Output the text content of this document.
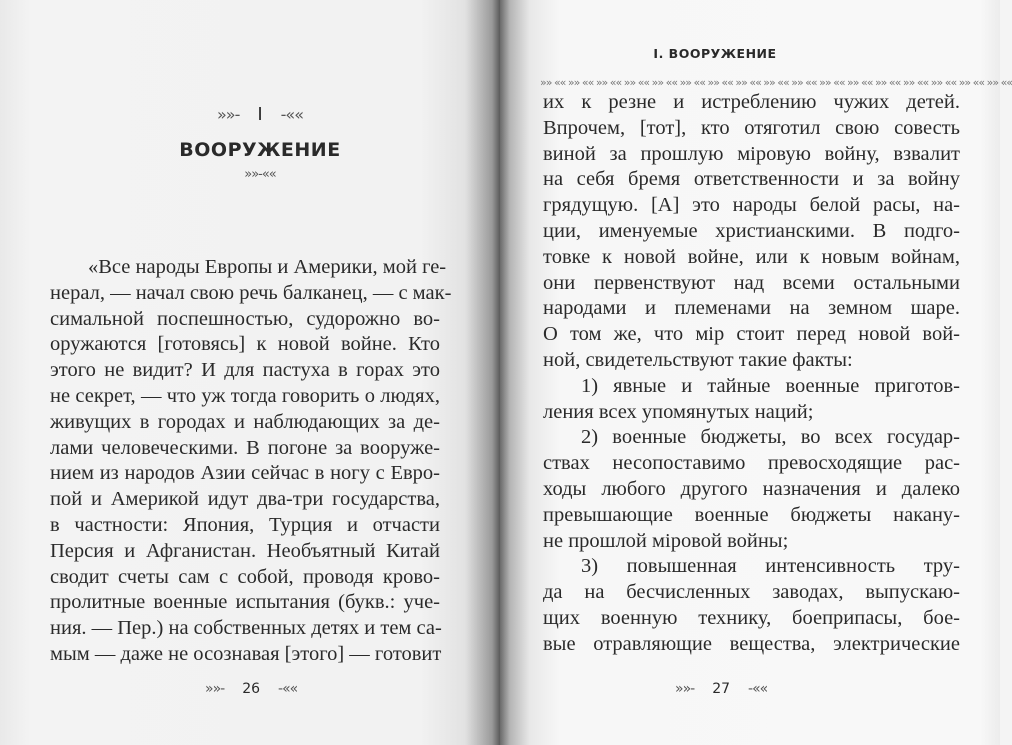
»»- I -««
ВООРУЖЕНИЕ
»»-««
«Все народы Европы и Америки, мой ге-
нерал, — начал свою речь балканец, — с мак-
симальной поспешностью, судорожно во-
оружаются [готовясь] к новой войне. Кто
этого не видит? И для пастуха в горах это
не секрет, — что уж тогда говорить о людях,
живущих в городах и наблюдающих за де-
лами человеческими. В погоне за вооруже-
нием из народов Азии сейчас в ногу с Евро-
пой и Америкой идут два-три государства,
в частности: Япония, Турция и отчасти
Персия и Афганистан. Необъятный Китай
сводит счеты сам с собой, проводя крово-
пролитные военные испытания (букв.: уче-
ния. — Пер.) на собственных детях и тем са-
мым — даже не осознавая [этого] — готовит
»»- 26 -««
I. ВООРУЖЕНИЕ
»» «« »» «« »» «« »» «« »» «« »» «« »» «« »» «« »» «« »» «« »» «« »» «« »» «« »» «« »» «« »» «« »» ««
их к резне и истреблению чужих детей.
Впрочем, [тот], кто отяготил свою совесть
виной за прошлую міровую войну, взвалит
на себя бремя ответственности и за войну
грядущую. [А] это народы белой расы, на-
ции, именуемые христианскими. В подго-
товке к новой войне, или к новым войнам,
они первенствуют над всеми остальными
народами и племенами на земном шаре.
О том же, что мір стоит перед новой вой-
ной, свидетельствуют такие факты:
1) явные и тайные военные приготов-
ления всех упомянутых наций;
2) военные бюджеты, во всех государ-
ствах несопоставимо превосходящие рас-
ходы любого другого назначения и далеко
превышающие военные бюджеты накану-
не прошлой міровой войны;
3) повышенная интенсивность тру-
да на бесчисленных заводах, выпускаю-
щих военную технику, боеприпасы, бое-
вые отравляющие вещества, электрические
»»- 27 -««
